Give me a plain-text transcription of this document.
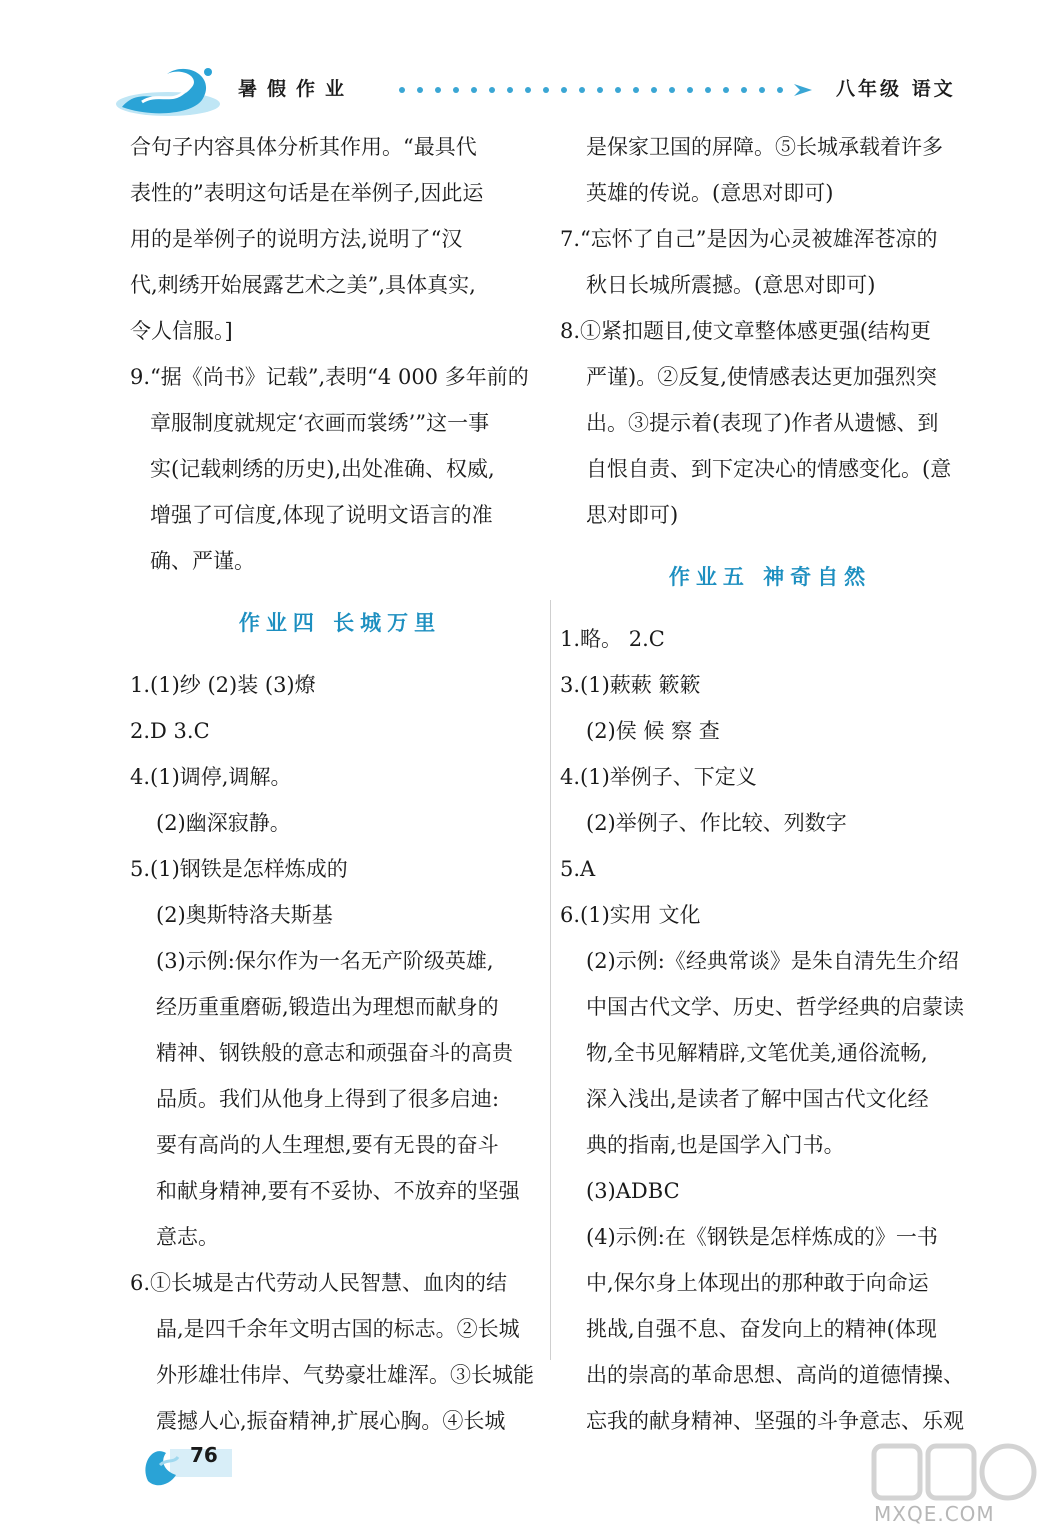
暑假作业	八年级 语文
合句子内容具体分析其作用。“最具代
表性的”表明这句话是在举例子,因此运
用的是举例子的说明方法,说明了“汉
代,刺绣开始展露艺术之美”,具体真实,
令人信服。]
9.“据《尚书》记载”,表明“4 000 多年前的
章服制度就规定‘衣画而裳绣’”这一事
实(记载刺绣的历史),出处准确、权威,
增强了可信度,体现了说明文语言的准
确、严谨。
作业四 长城万里
1.(1)纱 (2)装 (3)燎
2.D 3.C
4.(1)调停,调解。
(2)幽深寂静。
5.(1)钢铁是怎样炼成的
(2)奥斯特洛夫斯基
(3)示例:保尔作为一名无产阶级英雄,
经历重重磨砺,锻造出为理想而献身的
精神、钢铁般的意志和顽强奋斗的高贵
品质。我们从他身上得到了很多启迪:
要有高尚的人生理想,要有无畏的奋斗
和献身精神,要有不妥协、不放弃的坚强
意志。
6.①长城是古代劳动人民智慧、血肉的结
晶,是四千余年文明古国的标志。②长城
外形雄壮伟岸、气势豪壮雄浑。③长城能
震撼人心,振奋精神,扩展心胸。④长城
是保家卫国的屏障。⑤长城承载着许多
英雄的传说。(意思对即可)
7.“忘怀了自己”是因为心灵被雄浑苍凉的
秋日长城所震撼。(意思对即可)
8.①紧扣题目,使文章整体感更强(结构更
严谨)。②反复,使情感表达更加强烈突
出。③提示着(表现了)作者从遗憾、到
自恨自责、到下定决心的情感变化。(意
思对即可)
作业五 神奇自然
1.略。 2.C
3.(1)蔌蔌 簌簌
(2)侯 候 察 查
4.(1)举例子、下定义
(2)举例子、作比较、列数字
5.A
6.(1)实用 文化
(2)示例:《经典常谈》是朱自清先生介绍
中国古代文学、历史、哲学经典的启蒙读
物,全书见解精辟,文笔优美,通俗流畅,
深入浅出,是读者了解中国古代文化经
典的指南,也是国学入门书。
(3)ADBC
(4)示例:在《钢铁是怎样炼成的》一书
中,保尔身上体现出的那种敢于向命运
挑战,自强不息、奋发向上的精神(体现
出的崇高的革命思想、高尚的道德情操、
忘我的献身精神、坚强的斗争意志、乐观
76
MXQE.COM
